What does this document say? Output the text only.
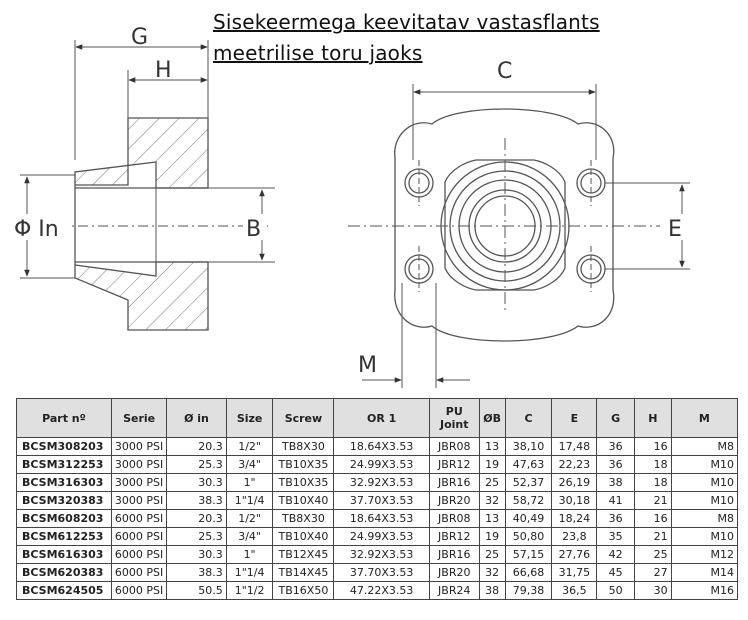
G
H
Φ In	B
C
E
M
Sisekeermega keevitatav vastasflants
meetrilise toru jaoks
Part nº	Serie	Ø in	Size	Screw	OR 1	PU Joint	ØB	C	E	G	H	M
BCSM308203	3000 PSI	20.3	1/2"	TB8X30	18.64X3.53	JBR08	13	38,10	17,48	36	16	M8
BCSM312253	3000 PSI	25.3	3/4"	TB10X35	24.99X3.53	JBR12	19	47,63	22,23	36	18	M10
BCSM316303	3000 PSI	30.3	1"	TB10X35	32.92X3.53	JBR16	25	52,37	26,19	38	18	M10
BCSM320383	3000 PSI	38.3	1"1/4	TB10X40	37.70X3.53	JBR20	32	58,72	30,18	41	21	M10
BCSM608203	6000 PSI	20.3	1/2"	TB8X30	18.64X3.53	JBR08	13	40,49	18,24	36	16	M8
BCSM612253	6000 PSI	25.3	3/4"	TB10X40	24.99X3.53	JBR12	19	50,80	23,8	35	21	M10
BCSM616303	6000 PSI	30.3	1"	TB12X45	32.92X3.53	JBR16	25	57,15	27,76	42	25	M12
BCSM620383	6000 PSI	38.3	1"1/4	TB14X45	37.70X3.53	JBR20	32	66,68	31,75	45	27	M14
BCSM624505	6000 PSI	50.5	1"1/2	TB16X50	47.22X3.53	JBR24	38	79,38	36,5	50	30	M16
